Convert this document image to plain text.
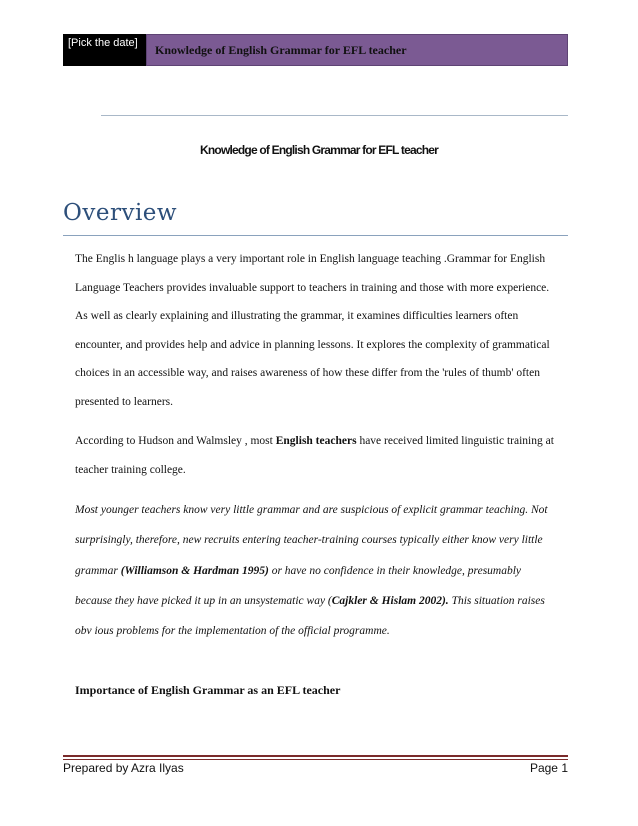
[Pick the date]	Knowledge of English Grammar for EFL teacher
Knowledge of English Grammar for EFL teacher
Overview
The Englis h language plays a very important role in English language teaching .Grammar for English Language Teachers provides invaluable support to teachers in training and those with more experience. As well as clearly explaining and illustrating the grammar, it examines difficulties learners often encounter, and provides help and advice in planning lessons. It explores the complexity of grammatical choices in an accessible way, and raises awareness of how these differ from the 'rules of thumb' often presented to learners.
According to Hudson and Walmsley , most English teachers have received limited linguistic training at teacher training college.
Most younger teachers know very little grammar and are suspicious of explicit grammar teaching. Not surprisingly, therefore, new recruits entering teacher-training courses typically either know very little grammar (Williamson & Hardman 1995) or have no confidence in their knowledge, presumably because they have picked it up in an unsystematic way (Cajkler & Hislam 2002). This situation raises obv ious problems for the implementation of the official programme.
Importance of English Grammar as an EFL teacher
Prepared by Azra Ilyas	Page 1
